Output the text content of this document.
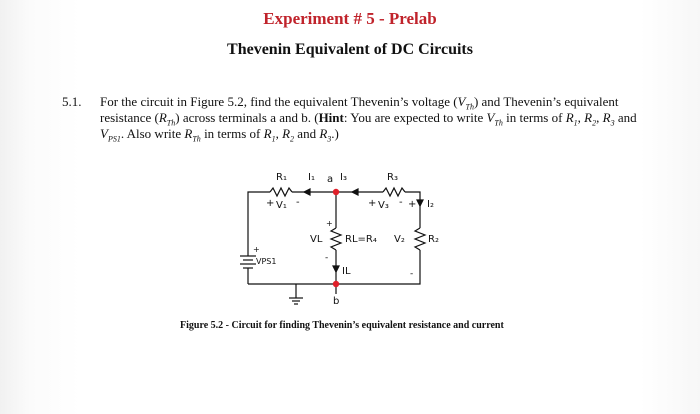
Experiment # 5 - Prelab
Thevenin Equivalent of DC Circuits
5.1. For the circuit in Figure 5.2, find the equivalent Thevenin’s voltage $(V_{Th})$ and Thevenin’s equivalent resistance $(R_{Th})$ across terminals a and b. (Hint: You are expected to write $V_{Th}$ in terms of $R_1$, $R_2$, $R_3$ and $V_{PS1}$. Also write $R_{Th}$ in terms of $R_1$, $R_2$ and $R_3$.)
R₁ I₁ a I₃	R₃
+ V₁ -	+ V₃ - + I₂
+
VPS1
+
VL RL=R₄
-
V₂ R₂
-
IL
b
Figure 5.2 - Circuit for finding Thevenin’s equivalent resistance and current
